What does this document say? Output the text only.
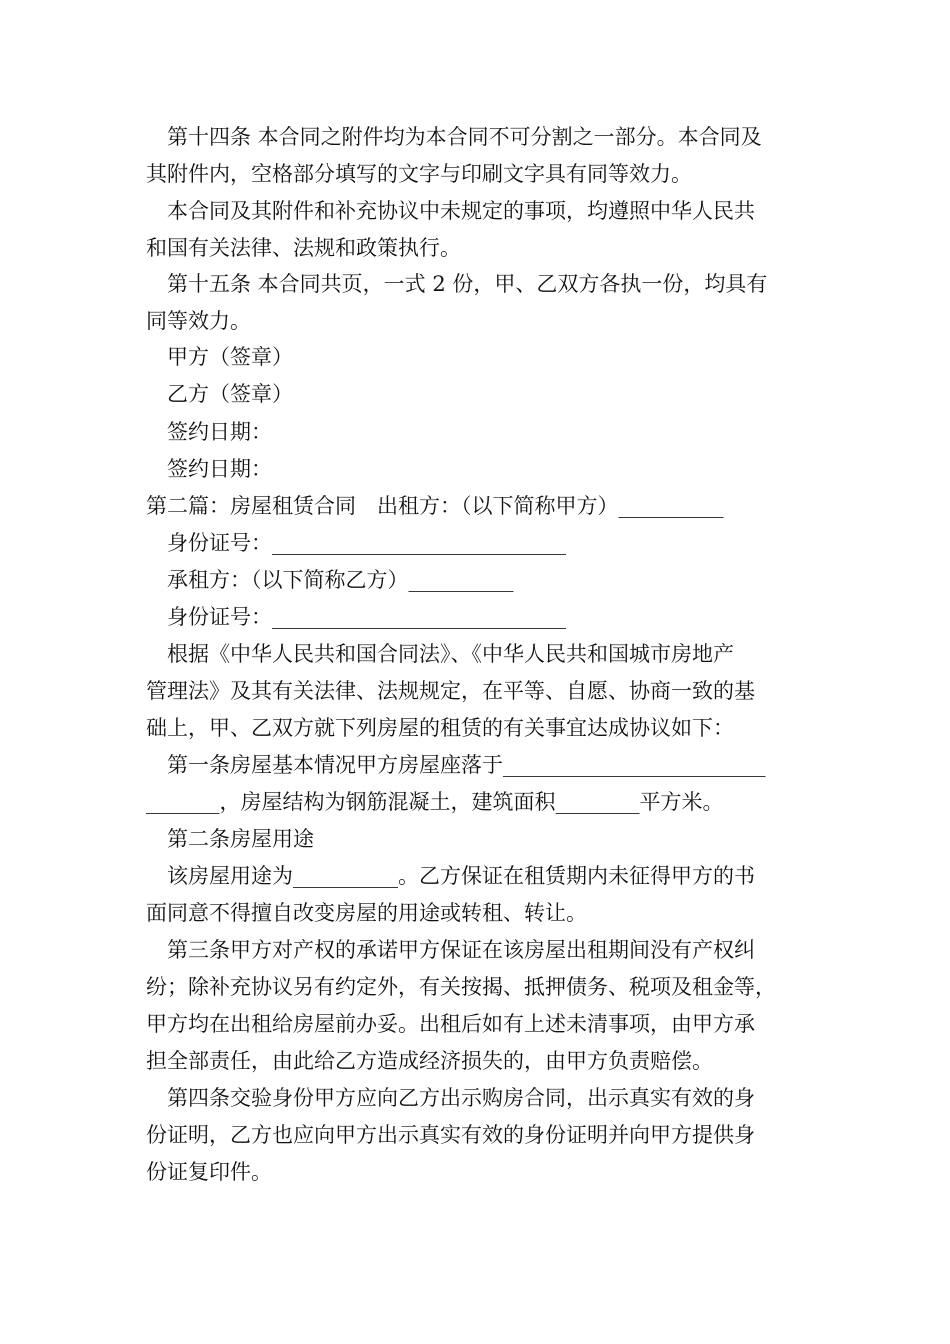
　第十四条 本合同之附件均为本合同不可分割之一部分。本合同及
其附件内，空格部分填写的文字与印刷文字具有同等效力。
　本合同及其附件和补充协议中未规定的事项，均遵照中华人民共
和国有关法律、法规和政策执行。
　第十五条 本合同共页，一式 2 份，甲、乙双方各执一份，均具有
同等效力。
　甲方（签章）
　乙方（签章）
　签约日期：
　签约日期：
第二篇：房屋租赁合同　出租方：（以下简称甲方）__________
　身份证号：____________________________
　承租方：（以下简称乙方）__________
　身份证号：____________________________
　根据《中华人民共和国合同法》、《中华人民共和国城市房地产
管理法》及其有关法律、法规规定，在平等、自愿、协商一致的基
础上，甲、乙双方就下列房屋的租赁的有关事宜达成协议如下：
　第一条房屋基本情况甲方房屋座落于_________________________
_______，房屋结构为钢筋混凝土，建筑面积________平方米。
　第二条房屋用途
　该房屋用途为__________。乙方保证在租赁期内未征得甲方的书
面同意不得擅自改变房屋的用途或转租、转让。
　第三条甲方对产权的承诺甲方保证在该房屋出租期间没有产权纠
纷；除补充协议另有约定外，有关按揭、抵押债务、税项及租金等，
甲方均在出租给房屋前办妥。出租后如有上述未清事项，由甲方承
担全部责任，由此给乙方造成经济损失的，由甲方负责赔偿。
　第四条交验身份甲方应向乙方出示购房合同，出示真实有效的身
份证明，乙方也应向甲方出示真实有效的身份证明并向甲方提供身
份证复印件。
